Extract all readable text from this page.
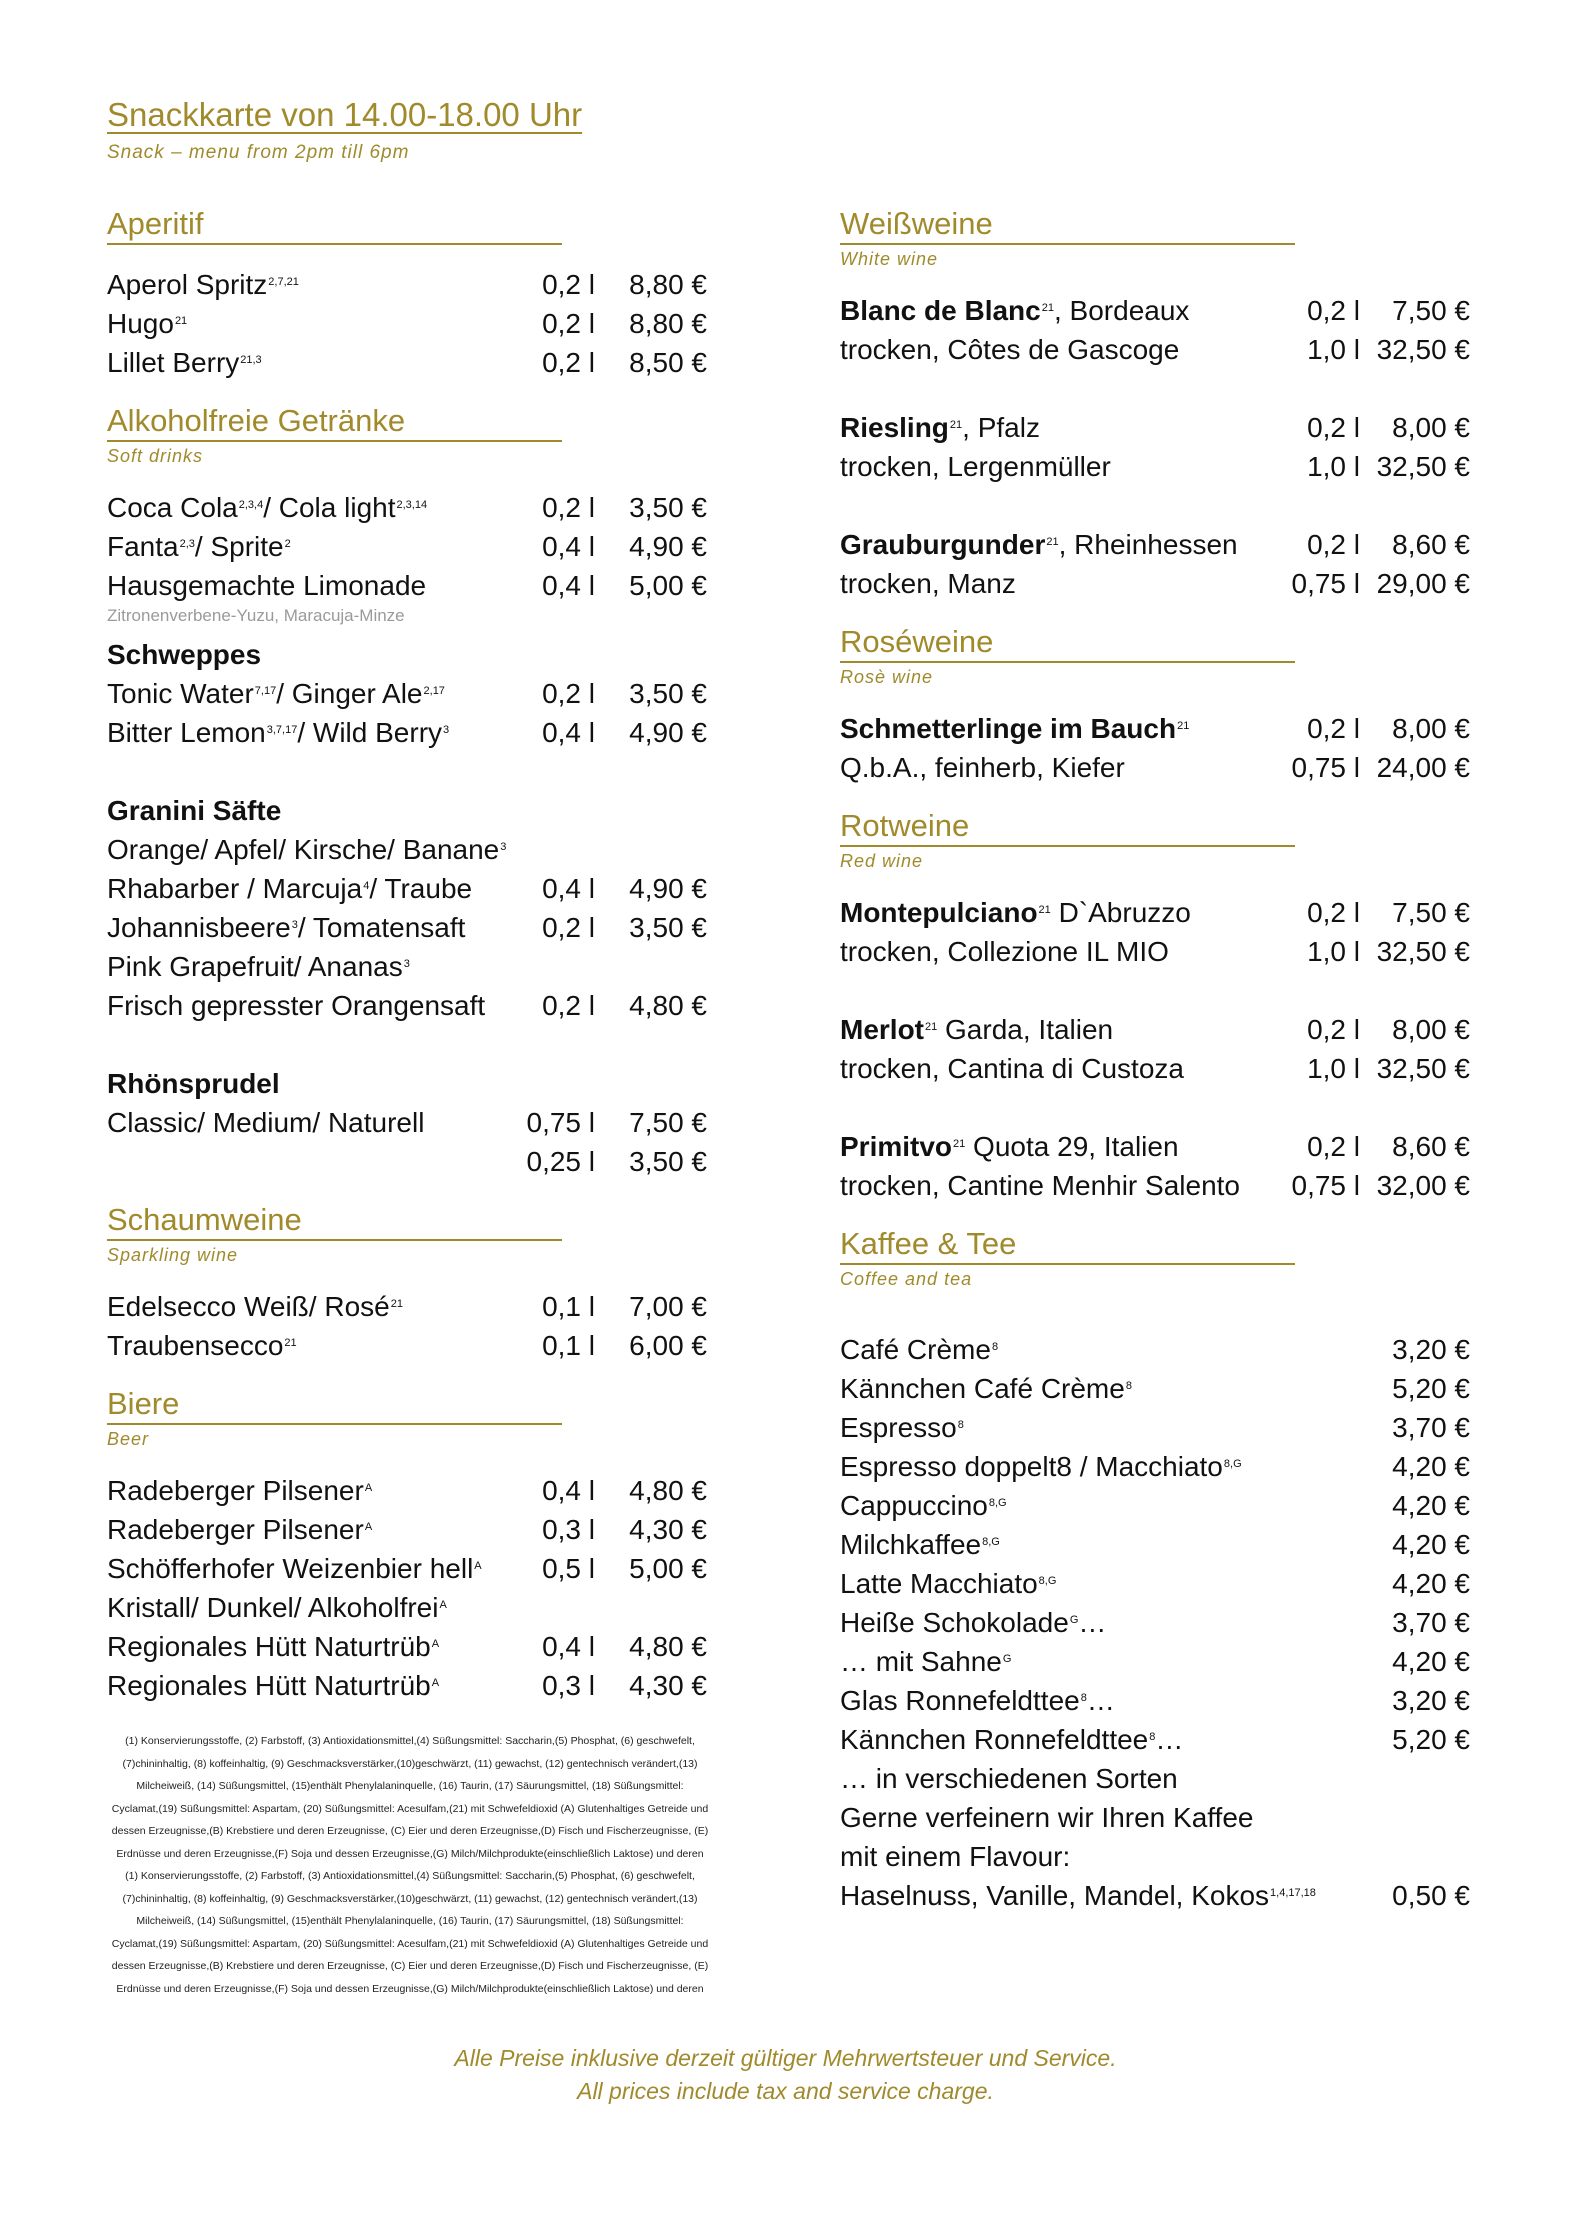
Snackkarte von 14.00-18.00 Uhr
Snack – menu from 2pm till 6pm
Aperitif
Aperol Spritz$^{2,7,21}$	0,2 l 8,80 €
Hugo$^{21}$	0,2 l 8,80 €
Lillet Berry$^{21,3}$	0,2 l 8,50 €
Alkoholfreie Getränke
Soft drinks
Coca Cola$^{2,3,4}$/ Cola light$^{2,3,14}$	0,2 l 3,50 €
Fanta$^{2,3}$/ Sprite$^2$	0,4 l 4,90 €
Hausgemachte Limonade	0,4 l 5,00 €
Zitronenverbene-Yuzu, Maracuja-Minze
Schweppes
Tonic Water$^{7,17}$/ Ginger Ale$^{2,17}$	0,2 l 3,50 €
Bitter Lemon$^{3,7,17}$/ Wild Berry$^3$	0,4 l 4,90 €
Granini Säfte
Orange/ Apfel/ Kirsche/ Banane$^3$
Rhabarber / Marcuja$^4$/ Traube 0,4 l 4,90 €
Johannisbeere$^3$/ Tomatensaft	0,2 l 3,50 €
Pink Grapefruit/ Ananas$^3$
Frisch gepresster Orangensaft 0,2 l 4,80 €
Rhönsprudel
Classic/ Medium/ Naturell	0,75 l 7,50 €
0,25 l 3,50 €
Schaumweine
Sparkling wine
Edelsecco Weiß/ Rosé$^{21}$	0,1 l 7,00 €
Traubensecco$^{21}$	0,1 l 6,00 €
Biere
Beer
Radeberger Pilsener$^A$	0,4 l 4,80 €
Radeberger Pilsener$^A$	0,3 l 4,30 €
Schöfferhofer Weizenbier hell$^A$ 0,5 l 5,00 €
Kristall/ Dunkel/ Alkoholfrei$^A$
Regionales Hütt Naturtrüb$^A$	0,4 l 4,80 €
Regionales Hütt Naturtrüb$^A$	0,3 l 4,30 €
Weißweine
White wine
Blanc de Blanc$^{21}$, Bordeaux	0,2 l 7,50 €
trocken, Côtes de Gascoge	1,0 l 32,50 €
Riesling$^{21}$, Pfalz	0,2 l 8,00 €
trocken, Lergenmüller	1,0 l 32,50 €
Grauburgunder$^{21}$, Rheinhessen 0,2 l 8,60 €
trocken, Manz	0,75 l 29,00 €
Roséweine
Rosè wine
Schmetterlinge im Bauch$^{21}$	0,2 l 8,00 €
Q.b.A., feinherb, Kiefer	0,75 l 24,00 €
Rotweine
Red wine
Montepulciano$^{21}$ D`Abruzzo	0,2 l 7,50 €
trocken, Collezione IL MIO	1,0 l 32,50 €
Merlot$^{21}$ Garda, Italien	0,2 l 8,00 €
trocken, Cantina di Custoza	1,0 l 32,50 €
Primitvo$^{21}$ Quota 29, Italien	0,2 l 8,60 €
trocken, Cantine Menhir Salento 0,75 l 32,00 €
Kaffee & Tee
Coffee and tea
Café Crème$^8$	3,20 €
Kännchen Café Crème$^8$	5,20 €
Espresso$^8$	3,70 €
Espresso doppelt8 / Macchiato$^{8,G}$	4,20 €
Cappuccino$^{8,G}$	4,20 €
Milchkaffee$^{8,G}$	4,20 €
Latte Macchiato$^{8,G}$	4,20 €
Heiße Schokolade$^G$…	3,70 €
… mit Sahne$^G$	4,20 €
Glas Ronnefeldttee$^8$…	3,20 €
Kännchen Ronnefeldttee$^8$…	5,20 €
… in verschiedenen Sorten
Gerne verfeinern wir Ihren Kaffee
mit einem Flavour:
Haselnuss, Vanille, Mandel, Kokos$^{1,4,17,18}$	0,50 €
(1) Konservierungsstoffe, (2) Farbstoff, (3) Antioxidationsmittel,(4) Süßungsmittel: Saccharin,(5) Phosphat, (6) geschwefelt,
(7)chininhaltig, (8) koffeinhaltig, (9) Geschmacksverstärker,(10)geschwärzt, (11) gewachst, (12) gentechnisch verändert,(13)
Milcheiweiß, (14) Süßungsmittel, (15)enthält Phenylalaninquelle, (16) Taurin, (17) Säurungsmittel, (18) Süßungsmittel:
Cyclamat,(19) Süßungsmittel: Aspartam, (20) Süßungsmittel: Acesulfam,(21) mit Schwefeldioxid (A) Glutenhaltiges Getreide und
dessen Erzeugnisse,(B) Krebstiere und deren Erzeugnisse, (C) Eier und deren Erzeugnisse,(D) Fisch und Fischerzeugnisse, (E)
Erdnüsse und deren Erzeugnisse,(F) Soja und dessen Erzeugnisse,(G) Milch/Milchprodukte(einschließlich Laktose) und deren
(1) Konservierungsstoffe, (2) Farbstoff, (3) Antioxidationsmittel,(4) Süßungsmittel: Saccharin,(5) Phosphat, (6) geschwefelt,
(7)chininhaltig, (8) koffeinhaltig, (9) Geschmacksverstärker,(10)geschwärzt, (11) gewachst, (12) gentechnisch verändert,(13)
Milcheiweiß, (14) Süßungsmittel, (15)enthält Phenylalaninquelle, (16) Taurin, (17) Säurungsmittel, (18) Süßungsmittel:
Cyclamat,(19) Süßungsmittel: Aspartam, (20) Süßungsmittel: Acesulfam,(21) mit Schwefeldioxid (A) Glutenhaltiges Getreide und
dessen Erzeugnisse,(B) Krebstiere und deren Erzeugnisse, (C) Eier und deren Erzeugnisse,(D) Fisch und Fischerzeugnisse, (E)
Erdnüsse und deren Erzeugnisse,(F) Soja und dessen Erzeugnisse,(G) Milch/Milchprodukte(einschließlich Laktose) und deren
Alle Preise inklusive derzeit gültiger Mehrwertsteuer und Service.
All prices include tax and service charge.
